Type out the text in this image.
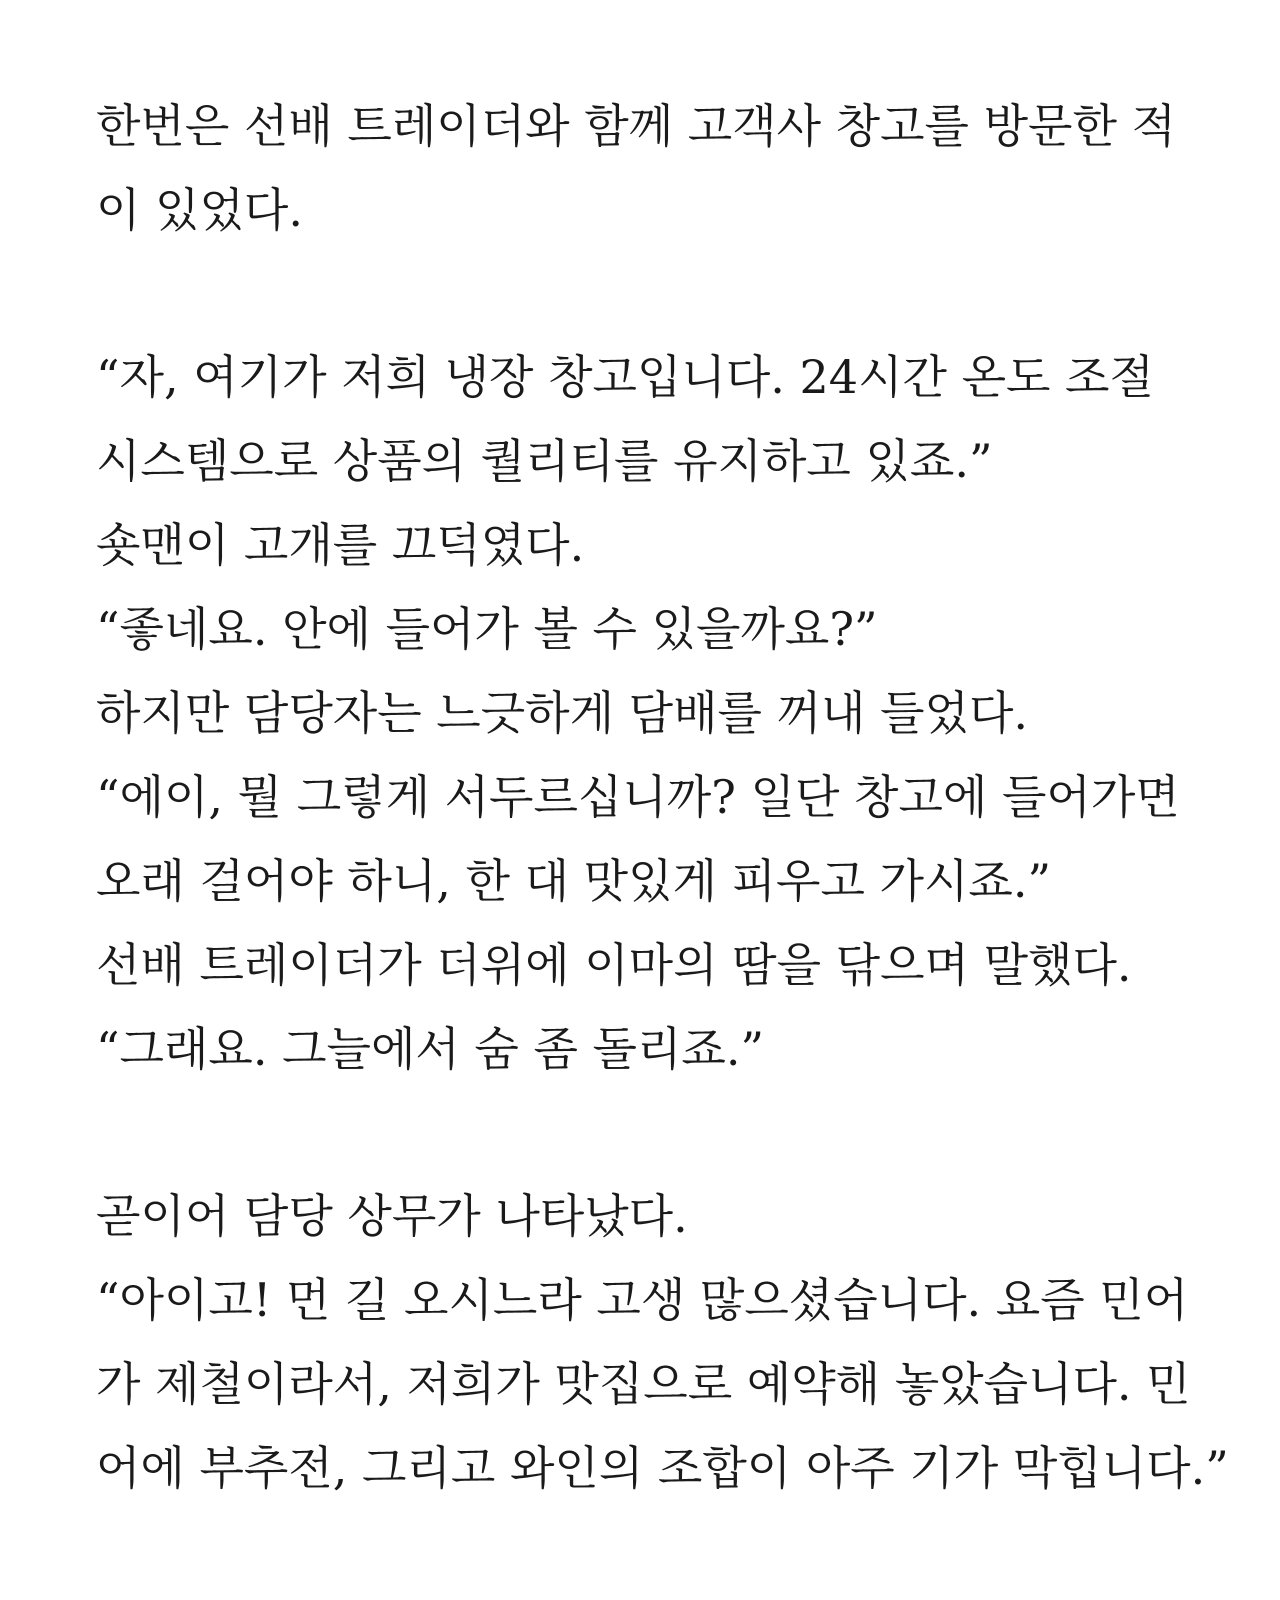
한번은 선배 트레이더와 함께 고객사 창고를 방문한 적
이 있었다.
“자, 여기가 저희 냉장 창고입니다. 24시간 온도 조절
시스템으로 상품의 퀄리티를 유지하고 있죠.”
숏맨이 고개를 끄덕였다.
“좋네요. 안에 들어가 볼 수 있을까요?”
하지만 담당자는 느긋하게 담배를 꺼내 들었다.
“에이, 뭘 그렇게 서두르십니까? 일단 창고에 들어가면
오래 걸어야 하니, 한 대 맛있게 피우고 가시죠.”
선배 트레이더가 더위에 이마의 땀을 닦으며 말했다.
“그래요. 그늘에서 숨 좀 돌리죠.”
곧이어 담당 상무가 나타났다.
“아이고! 먼 길 오시느라 고생 많으셨습니다. 요즘 민어
가 제철이라서, 저희가 맛집으로 예약해 놓았습니다. 민
어에 부추전, 그리고 와인의 조합이 아주 기가 막힙니다.”
